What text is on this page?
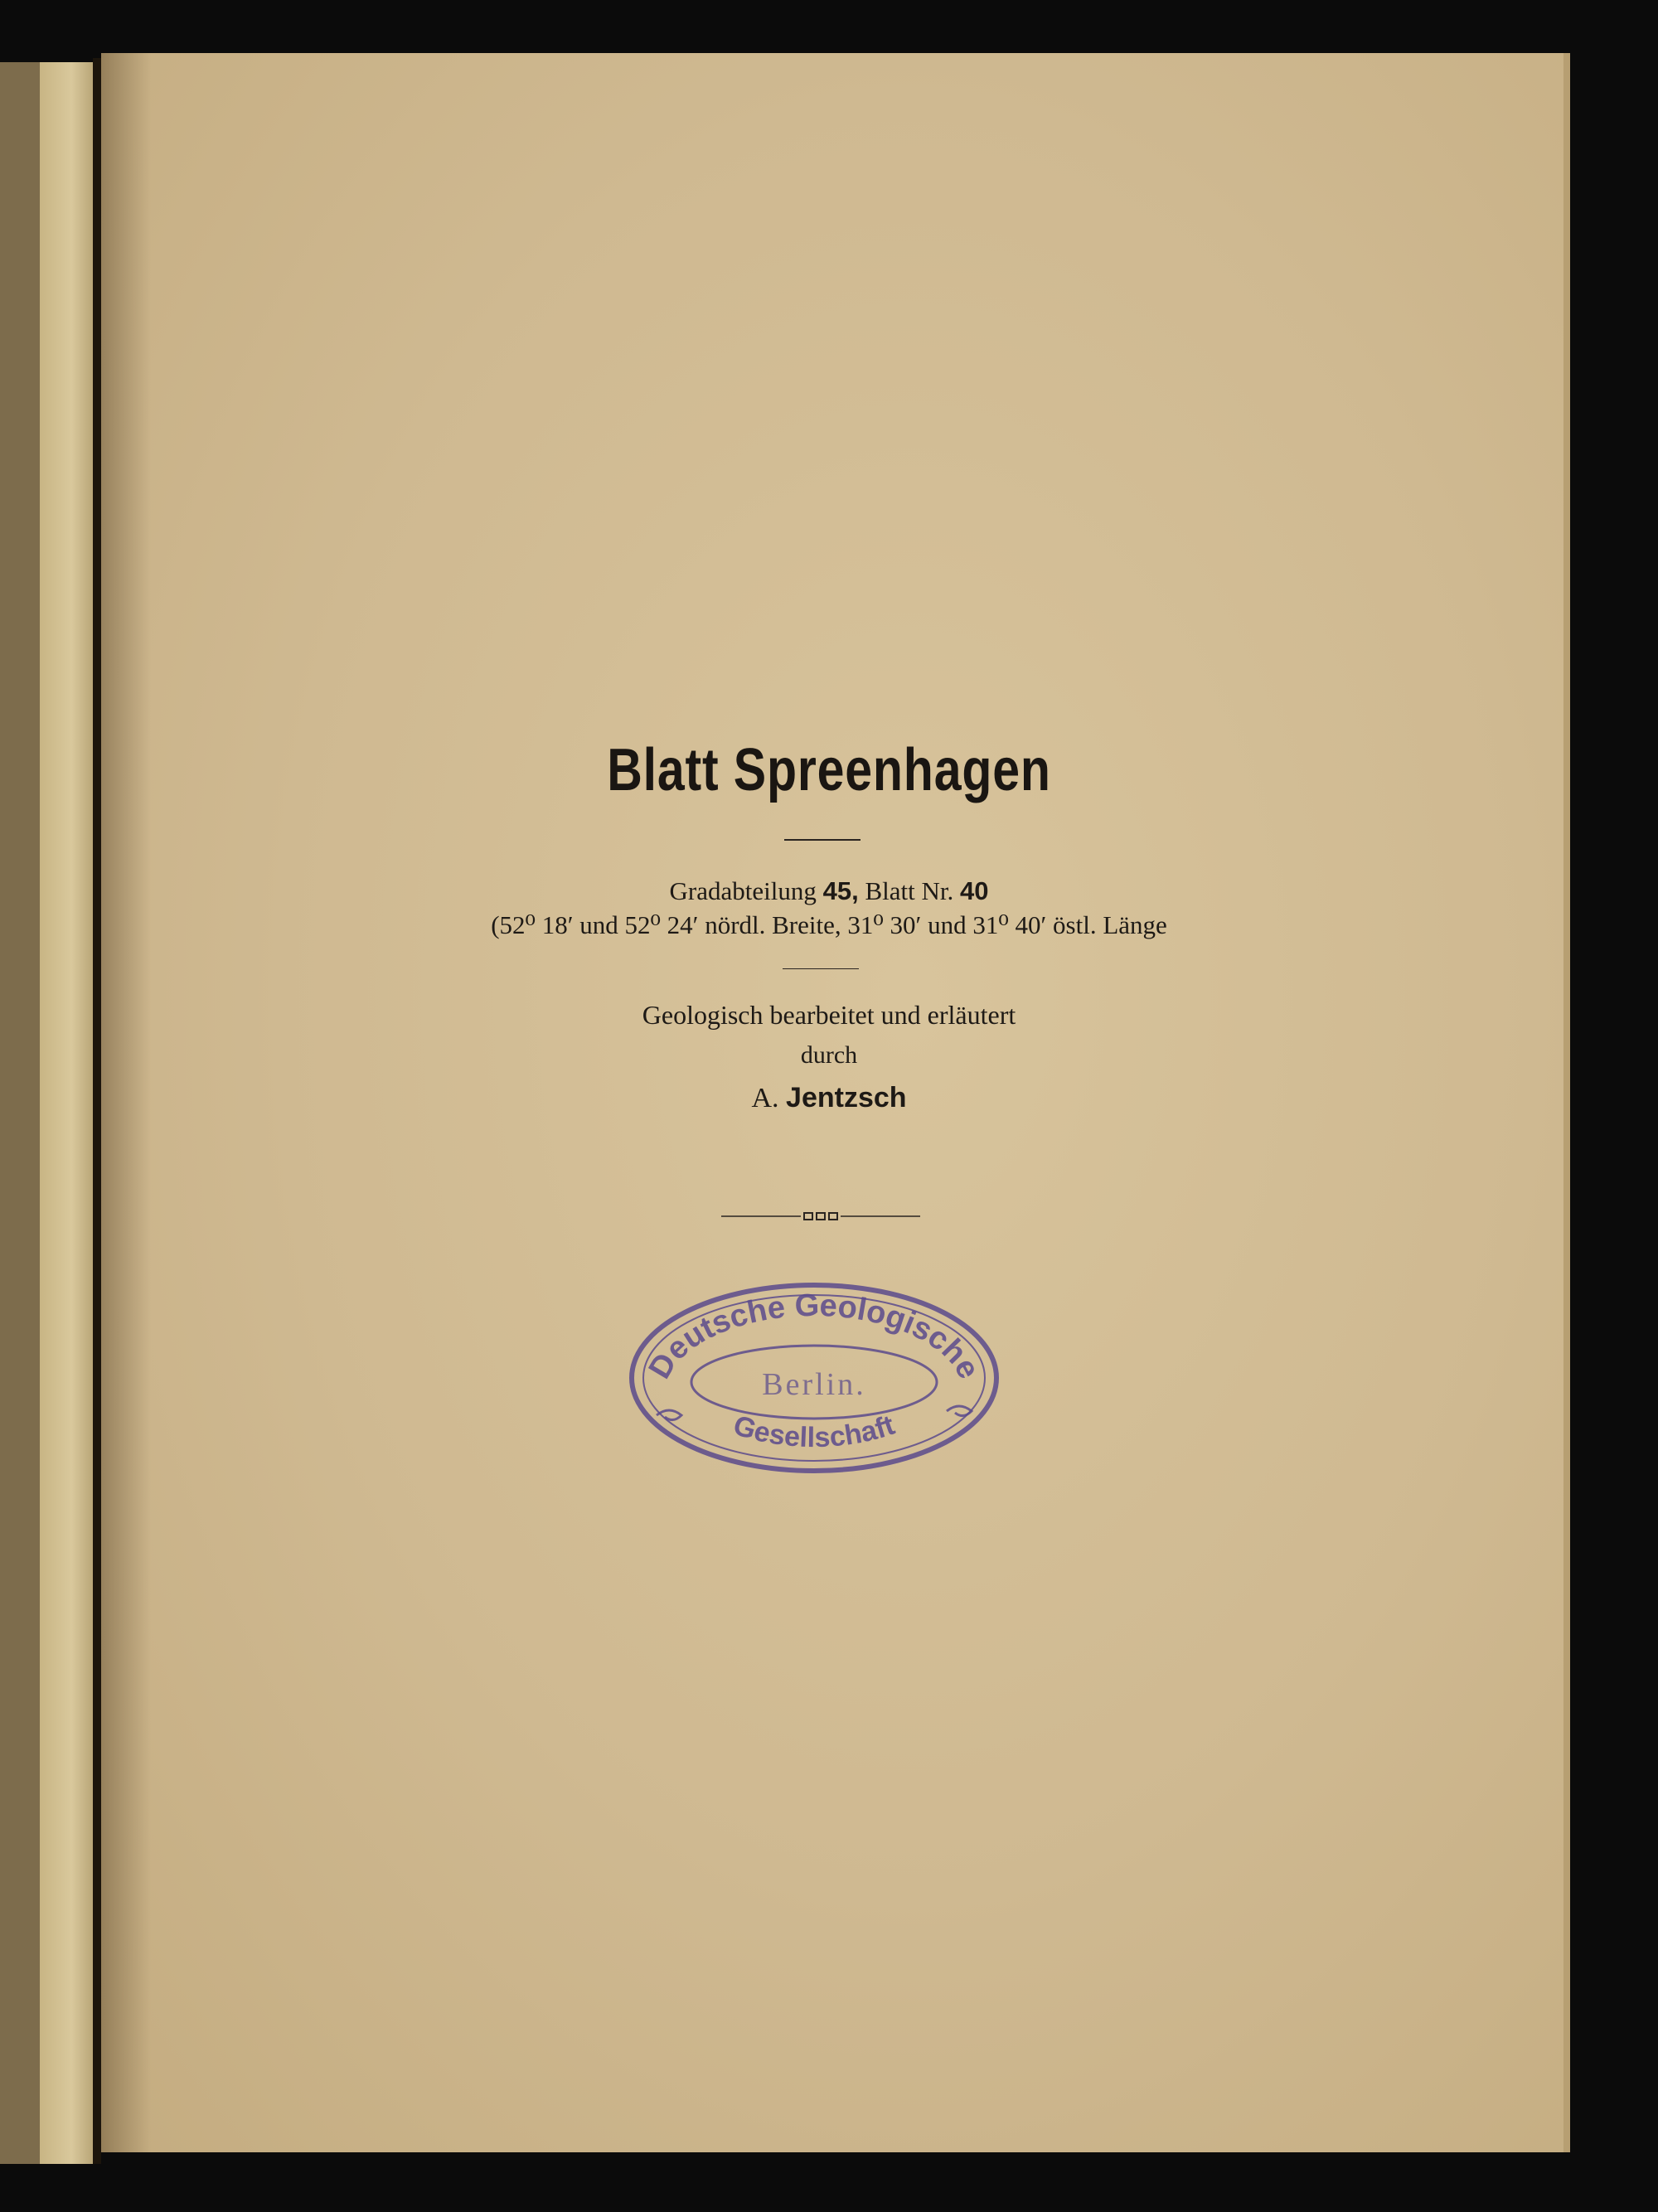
Blatt Spreenhagen
Gradabteilung 45, Blatt Nr. 40
(52⁰ 18′ und 52⁰ 24′ nördl. Breite, 31⁰ 30′ und 31⁰ 40′ östl. Länge
Geologisch bearbeitet und erläutert
durch
A. Jentzsch
Deutsche Geologische
Berlin.
Gesellschaft
